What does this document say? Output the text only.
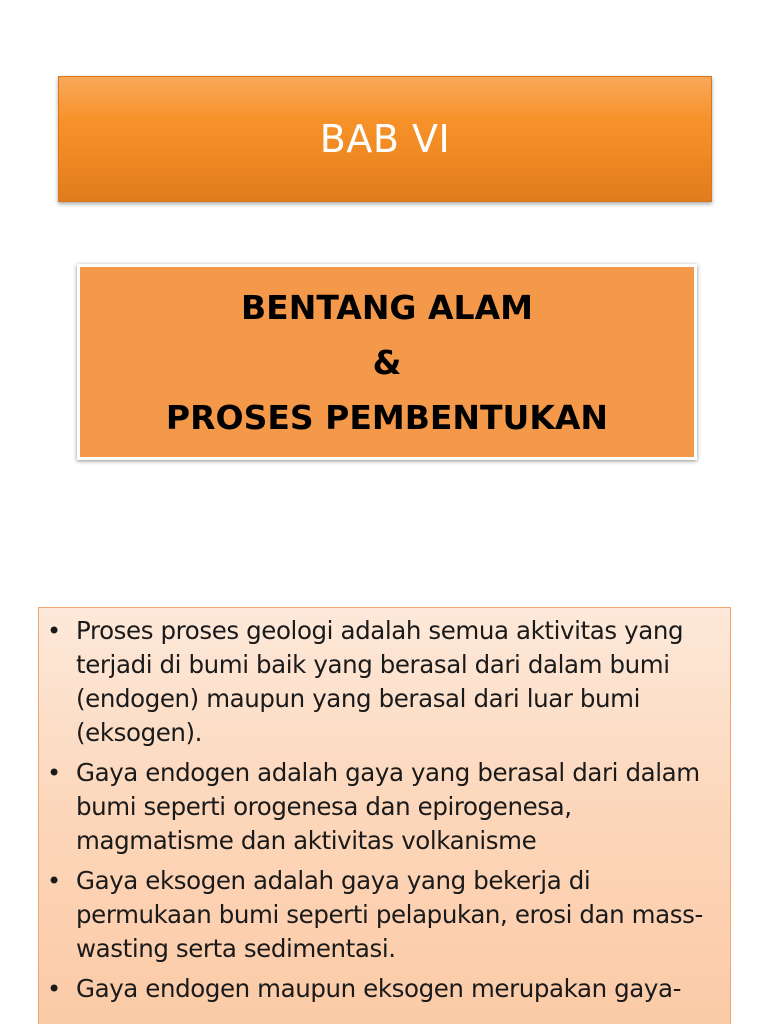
BAB VI
BENTANG ALAM
&
PROSES PEMBENTUKAN
• Proses proses geologi adalah semua aktivitas yang terjadi di bumi baik yang berasal dari dalam bumi (endogen) maupun yang berasal dari luar bumi (eksogen).
• Gaya endogen adalah gaya yang berasal dari dalam bumi seperti orogenesa dan epirogenesa, magmatisme dan aktivitas volkanisme
• Gaya eksogen adalah gaya yang bekerja di permukaan bumi seperti pelapukan, erosi dan mass-wasting serta sedimentasi.
• Gaya endogen maupun eksogen merupakan gaya-
